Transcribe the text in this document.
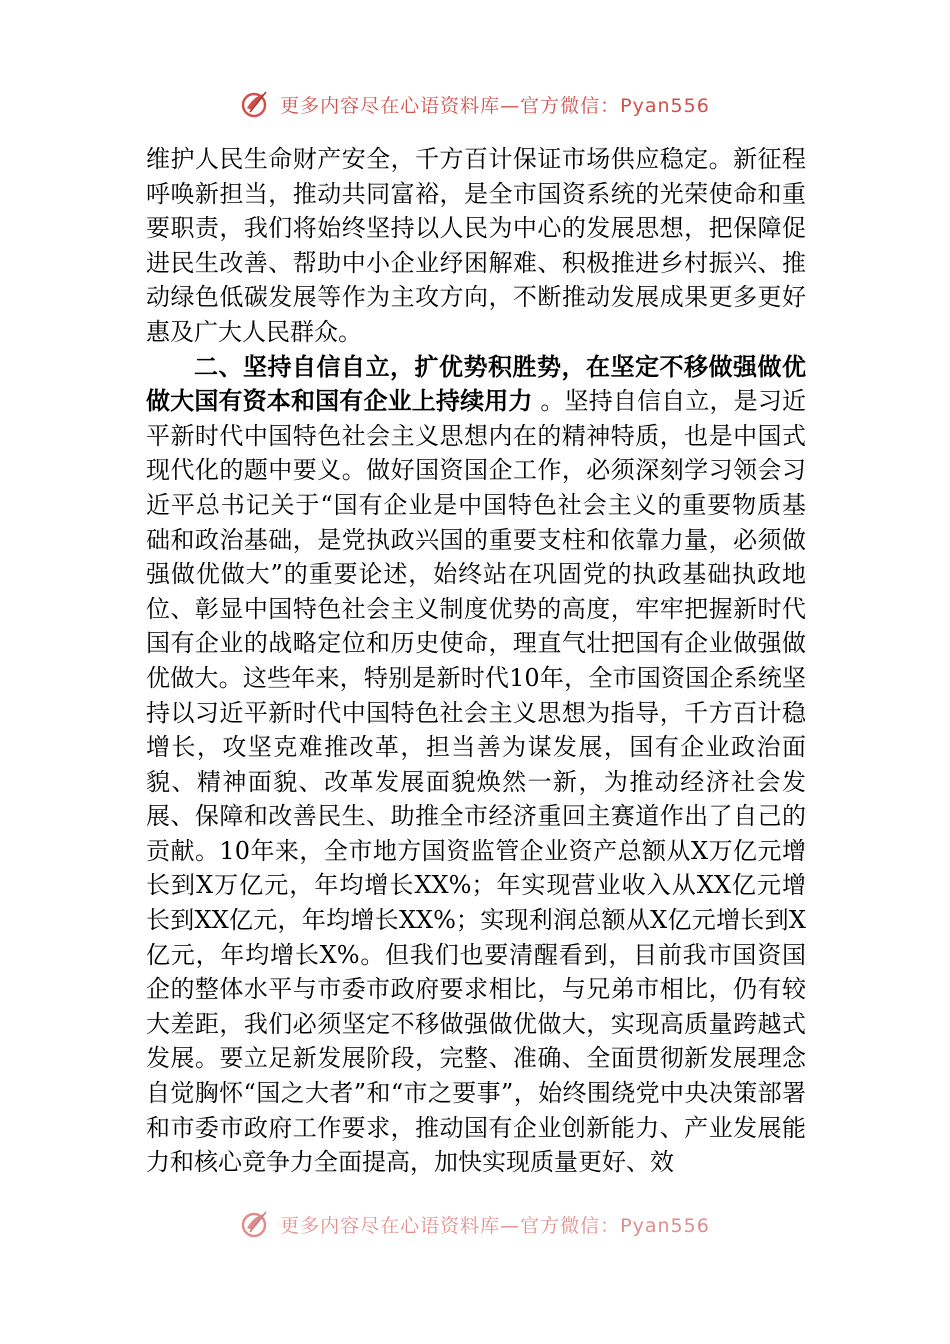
更多内容尽在心语资料库—官方微信：Pyan556

维护人民生命财产安全，千方百计保证市场供应稳定。新征程呼唤新担当，推动共同富裕，是全市国资系统的光荣使命和重要职责，我们将始终坚持以人民为中心的发展思想，把保障促进民生改善、帮助中小企业纾困解难、积极推进乡村振兴、推动绿色低碳发展等作为主攻方向，不断推动发展成果更多更好惠及广大人民群众。

二、坚持自信自立，扩优势积胜势，在坚定不移做强做优做大国有资本和国有企业上持续用力 。坚持自信自立，是习近平新时代中国特色社会主义思想内在的精神特质，也是中国式现代化的题中要义。做好国资国企工作，必须深刻学习领会习近平总书记关于“国有企业是中国特色社会主义的重要物质基础和政治基础，是党执政兴国的重要支柱和依靠力量，必须做强做优做大”的重要论述，始终站在巩固党的执政基础执政地位、彰显中国特色社会主义制度优势的高度，牢牢把握新时代国有企业的战略定位和历史使命，理直气壮把国有企业做强做优做大。这些年来，特别是新时代10年，全市国资国企系统坚持以习近平新时代中国特色社会主义思想为指导，千方百计稳增长，攻坚克难推改革，担当善为谋发展，国有企业政治面貌、精神面貌、改革发展面貌焕然一新，为推动经济社会发展、保障和改善民生、助推全市经济重回主赛道作出了自己的贡献。10年来，全市地方国资监管企业资产总额从X万亿元增长到X万亿元，年均增长XX%；年实现营业收入从XX亿元增长到XX亿元，年均增长XX%；实现利润总额从X亿元增长到X亿元，年均增长X%。但我们也要清醒看到，目前我市国资国企的整体水平与市委市政府要求相比，与兄弟市相比，仍有较大差距，我们必须坚定不移做强做优做大，实现高质量跨越式发展。要立足新发展阶段，完整、准确、全面贯彻新发展理念自觉胸怀“国之大者”和“市之要事”，始终围绕党中央决策部署和市委市政府工作要求，推动国有企业创新能力、产业发展能力和核心竞争力全面提高，加快实现质量更好、效

更多内容尽在心语资料库—官方微信：Pyan556
